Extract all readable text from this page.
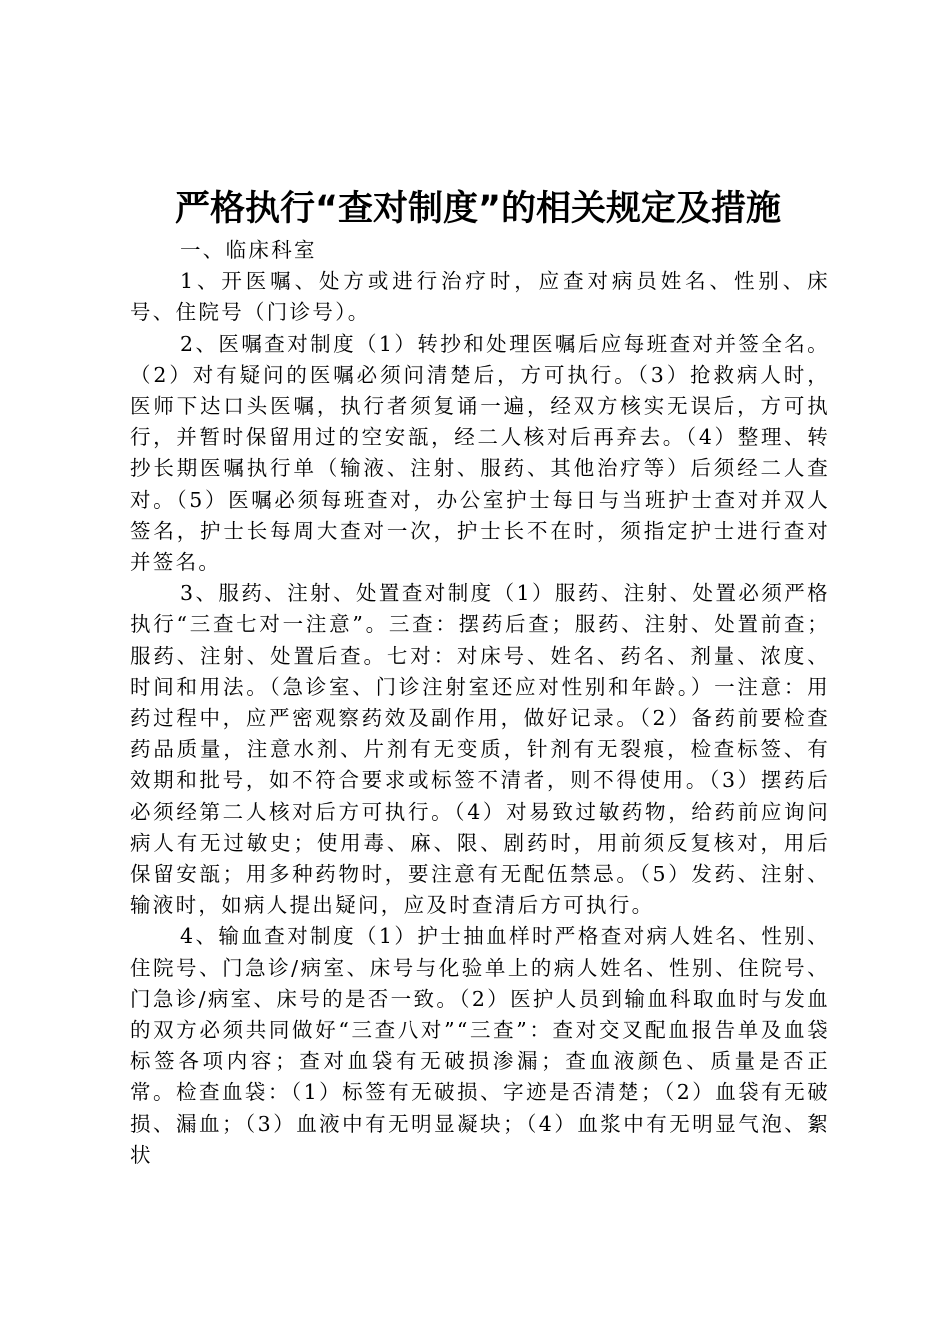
严格执行“查对制度”的相关规定及措施

一、临床科室

1、开医嘱、处方或进行治疗时，应查对病员姓名、性别、床号、住院号（门诊号）。

2、医嘱查对制度（1）转抄和处理医嘱后应每班查对并签全名。（2）对有疑问的医嘱必须问清楚后，方可执行。（3）抢救病人时，医师下达口头医嘱，执行者须复诵一遍，经双方核实无误后，方可执行，并暂时保留用过的空安瓿，经二人核对后再弃去。（4）整理、转抄长期医嘱执行单（输液、注射、服药、其他治疗等）后须经二人查对。（5）医嘱必须每班查对，办公室护士每日与当班护士查对并双人签名，护士长每周大查对一次，护士长不在时，须指定护士进行查对并签名。

3、服药、注射、处置查对制度（1）服药、注射、处置必须严格执行“三查七对一注意”。三查：摆药后查；服药、注射、处置前查；服药、注射、处置后查。七对：对床号、姓名、药名、剂量、浓度、时间和用法。（急诊室、门诊注射室还应对性别和年龄。）一注意：用药过程中，应严密观察药效及副作用，做好记录。（2）备药前要检查药品质量，注意水剂、片剂有无变质，针剂有无裂痕，检查标签、有效期和批号，如不符合要求或标签不清者，则不得使用。（3）摆药后必须经第二人核对后方可执行。（4）对易致过敏药物，给药前应询问病人有无过敏史；使用毒、麻、限、剧药时，用前须反复核对，用后保留安瓿；用多种药物时，要注意有无配伍禁忌。（5）发药、注射、输液时，如病人提出疑问，应及时查清后方可执行。

4、输血查对制度（1）护士抽血样时严格查对病人姓名、性别、住院号、门急诊/病室、床号与化验单上的病人姓名、性别、住院号、门急诊/病室、床号的是否一致。（2）医护人员到输血科取血时与发血的双方必须共同做好“三查八对”“三查”：查对交叉配血报告单及血袋标签各项内容；查对血袋有无破损渗漏；查血液颜色、质量是否正常。检查血袋：（1）标签有无破损、字迹是否清楚；（2）血袋有无破损、漏血；（3）血液中有无明显凝块；（4）血浆中有无明显气泡、絮状
